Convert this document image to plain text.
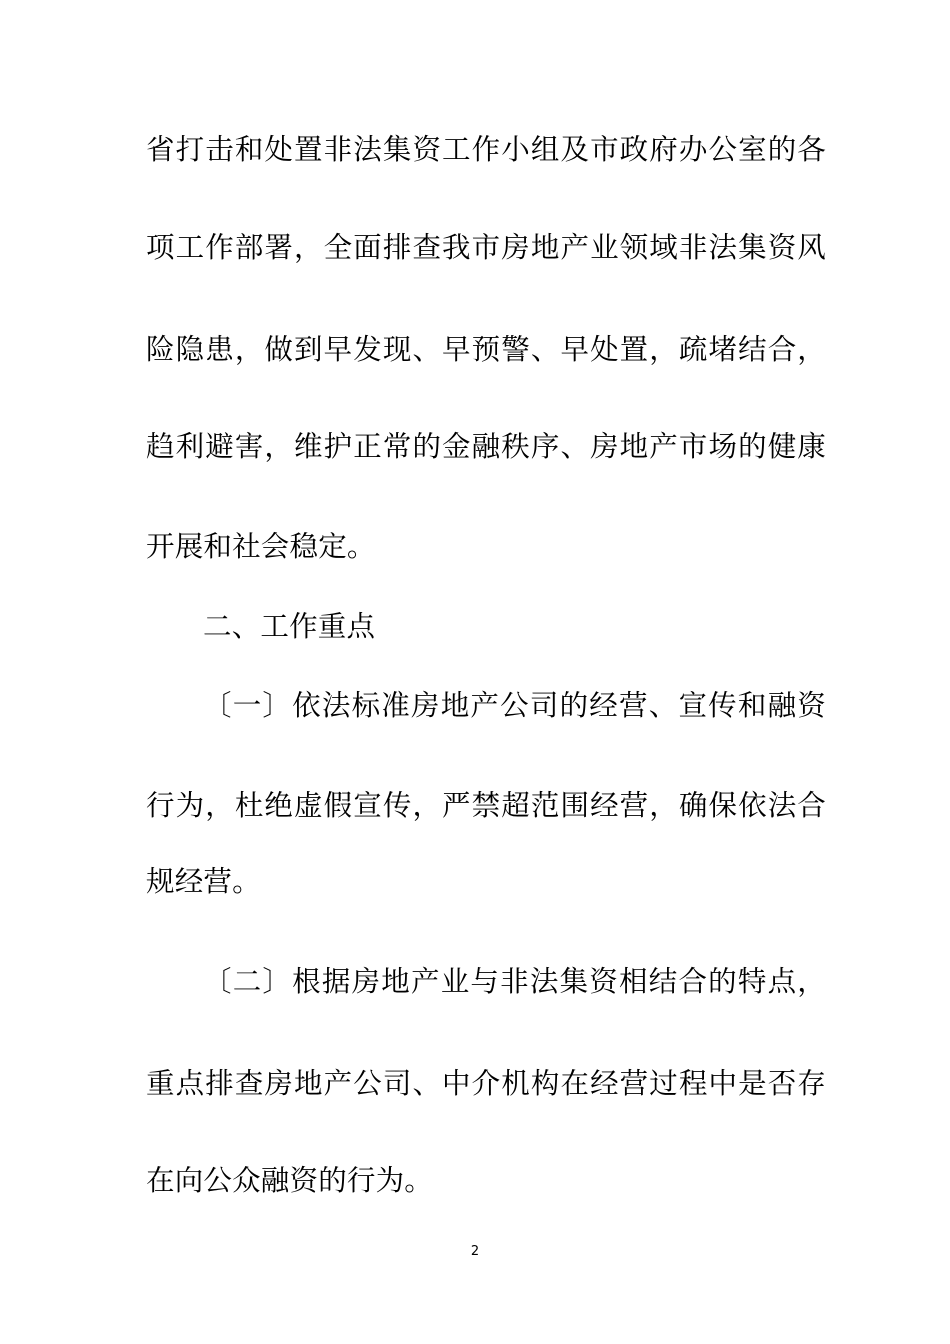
省打击和处置非法集资工作小组及市政府办公室的各
项工作部署，全面排查我市房地产业领域非法集资风
险隐患，做到早发现、早预警、早处置，疏堵结合，
趋利避害，维护正常的金融秩序、房地产市场的健康
开展和社会稳定。
二、工作重点
〔一〕依法标准房地产公司的经营、宣传和融资
行为，杜绝虚假宣传，严禁超范围经营，确保依法合
规经营。
〔二〕根据房地产业与非法集资相结合的特点，
重点排查房地产公司、中介机构在经营过程中是否存
在向公众融资的行为。
2
